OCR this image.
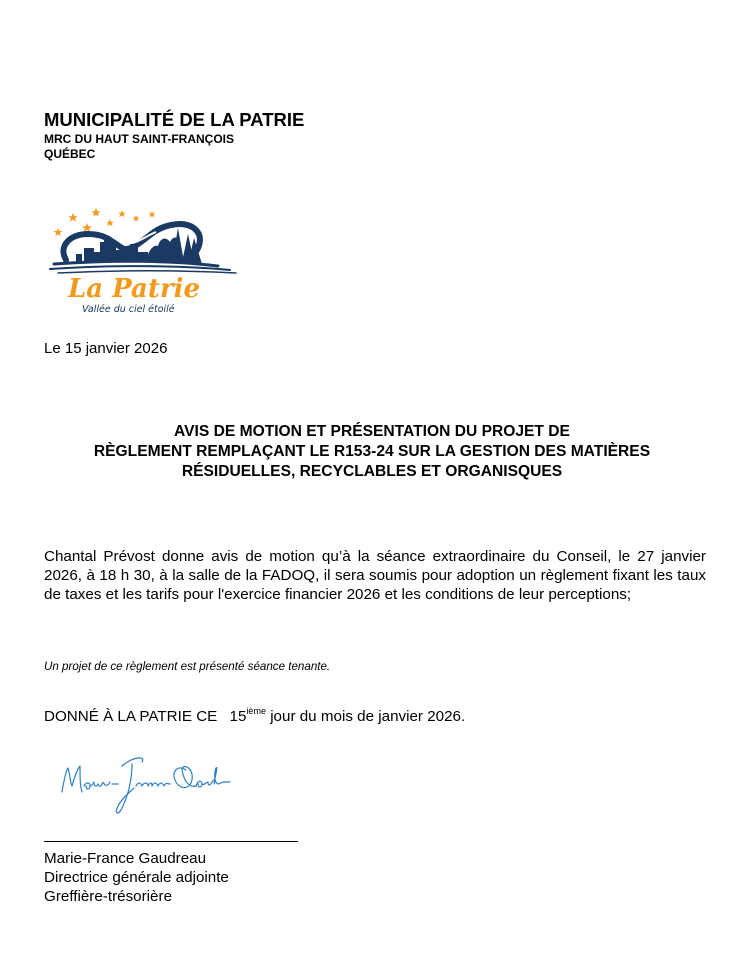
MUNICIPALITÉ DE LA PATRIE
MRC DU HAUT SAINT-FRANÇOIS
QUÉBEC
La Patrie
Vallée du ciel étoilé
Le 15 janvier 2026
AVIS DE MOTION ET PRÉSENTATION DU PROJET DE
RÈGLEMENT REMPLAÇANT LE R153-24 SUR LA GESTION DES MATIÈRES
RÉSIDUELLES, RECYCLABLES ET ORGANISQUES
Chantal Prévost donne avis de motion qu’à la séance extraordinaire du Conseil, le 27 janvier 2026, à 18 h 30, à la salle de la FADOQ, il sera soumis pour adoption un règlement fixant les taux de taxes et les tarifs pour l'exercice financier 2026 et les conditions de leur perceptions;
Un projet de ce règlement est présenté séance tenante.
DONNÉ À LA PATRIE CE 15ième jour du mois de janvier 2026.
Marie-France Gaudreau
Directrice générale adjointe
Greffière-trésorière
